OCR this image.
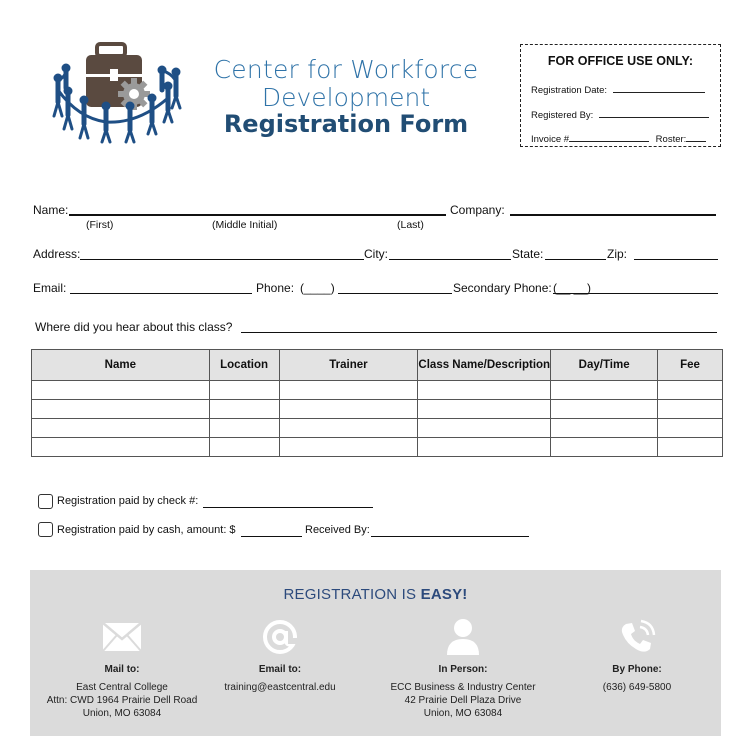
Center for Workforce
Development
Registration Form
FOR OFFICE USE ONLY:
Registration Date:
Registered By:
Invoice #	Roster:
Name:	Company:
(First)	(Middle Initial)	(Last)
Address:	City:	State:	Zip:
Email:	Phone: (____)	Secondary Phone: (__ __)
Where did you hear about this class?
Name	Location	Trainer	Class Name/Description	Day/Time	Fee

Registration paid by check #:
Registration paid by cash, amount: $	Received By:
REGISTRATION IS EASY!
Mail to:
East Central College
Attn: CWD 1964 Prairie Dell Road
Union, MO 63084
Email to:
training@eastcentral.edu
In Person:
ECC Business & Industry Center
42 Prairie Dell Plaza Drive
Union, MO 63084
By Phone:
(636) 649-5800
